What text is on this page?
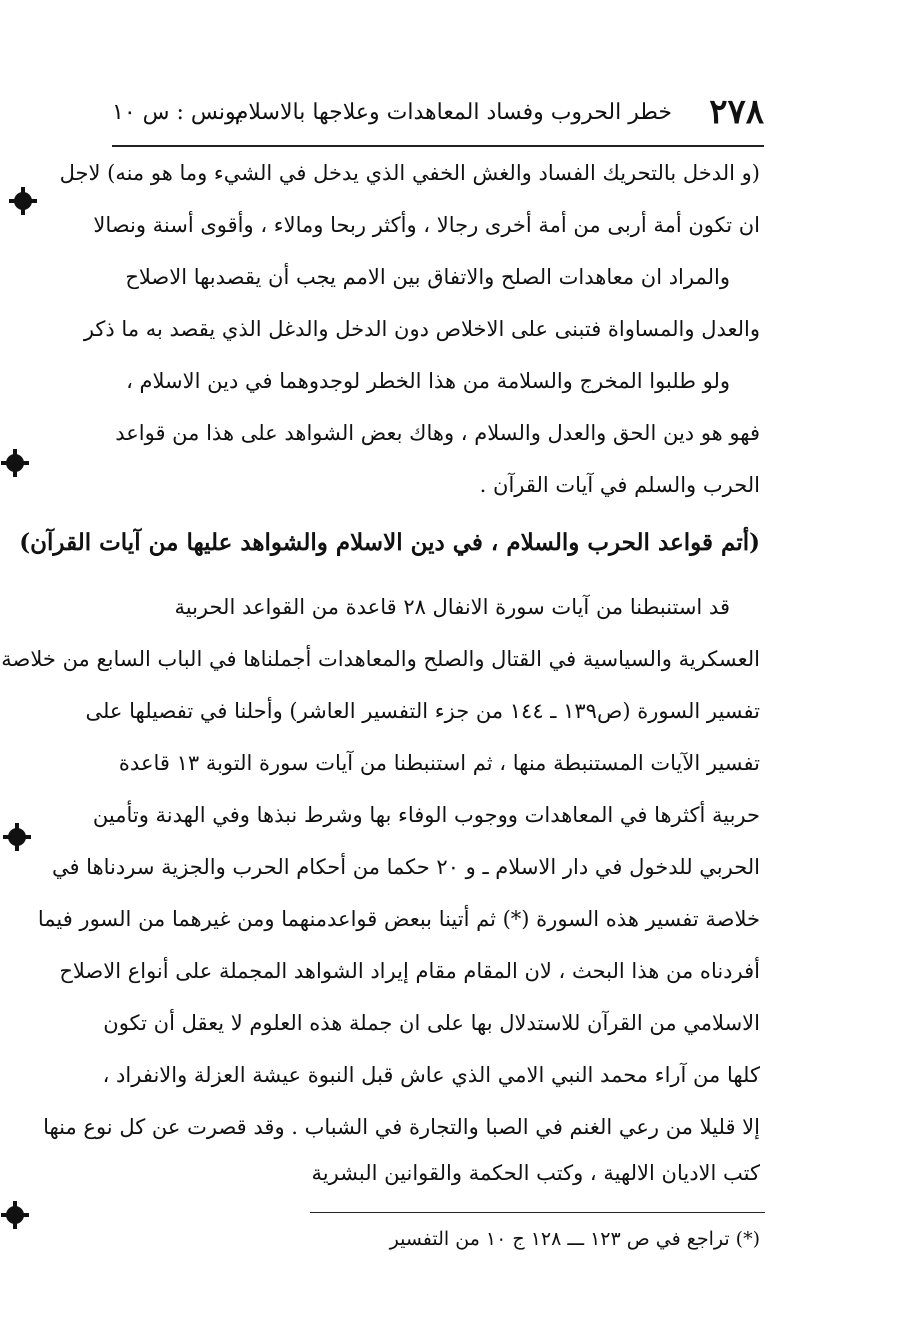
٢٧٨
خطر الحروب وفساد المعاهدات وعلاجها بالاسلام
يونس : س ١٠
(و الدخل بالتحريك الفساد والغش الخفي الذي يدخل في الشيء وما هو منه) لاجل
ان تكون أمة أربى من أمة أخرى رجالا ، وأكثر ربحا ومالاء ، وأقوى أسنة ونصالا
والمراد ان معاهدات الصلح والاتفاق بين الامم يجب أن يقصدبها الاصلاح
والعدل والمساواة فتبنى على الاخلاص دون الدخل والدغل الذي يقصد به ما ذكر
ولو طلبوا المخرج والسلامة من هذا الخطر لوجدوهما في دين الاسلام ،
فهو هو دين الحق والعدل والسلام ، وهاك بعض الشواهد على هذا من قواعد
الحرب والسلم في آيات القرآن .
(أتم قواعد الحرب والسلام ، في دين الاسلام والشواهد عليها من آيات القرآن)
قد استنبطنا من آيات سورة الانفال ٢٨ قاعدة من القواعد الحربية
العسكرية والسياسية في القتال والصلح والمعاهدات أجملناها في الباب السابع من خلاصة
تفسير السورة (ص١٣٩ ـ ١٤٤ من جزء التفسير العاشر) وأحلنا في تفصيلها على
تفسير الآيات المستنبطة منها ، ثم استنبطنا من آيات سورة التوبة ١٣ قاعدة
حربية أكثرها في المعاهدات ووجوب الوفاء بها وشرط نبذها وفي الهدنة وتأمين
الحربي للدخول في دار الاسلام ـ و ٢٠ حكما من أحكام الحرب والجزية سردناها في
خلاصة تفسير هذه السورة (*) ثم أتينا ببعض قواعدمنهما ومن غيرهما من السور فيما
أفردناه من هذا البحث ، لان المقام مقام إيراد الشواهد المجملة على أنواع الاصلاح
الاسلامي من القرآن للاستدلال بها على ان جملة هذه العلوم لا يعقل أن تكون
كلها من آراء محمد النبي الامي الذي عاش قبل النبوة عيشة العزلة والانفراد ،
إلا قليلا من رعي الغنم في الصبا والتجارة في الشباب . وقد قصرت عن كل نوع منها
كتب الاديان الالهية ، وكتب الحكمة والقوانين البشرية
(*) تراجع في ص ١٢٣ ـــ ١٢٨ ج ١٠ من التفسير
